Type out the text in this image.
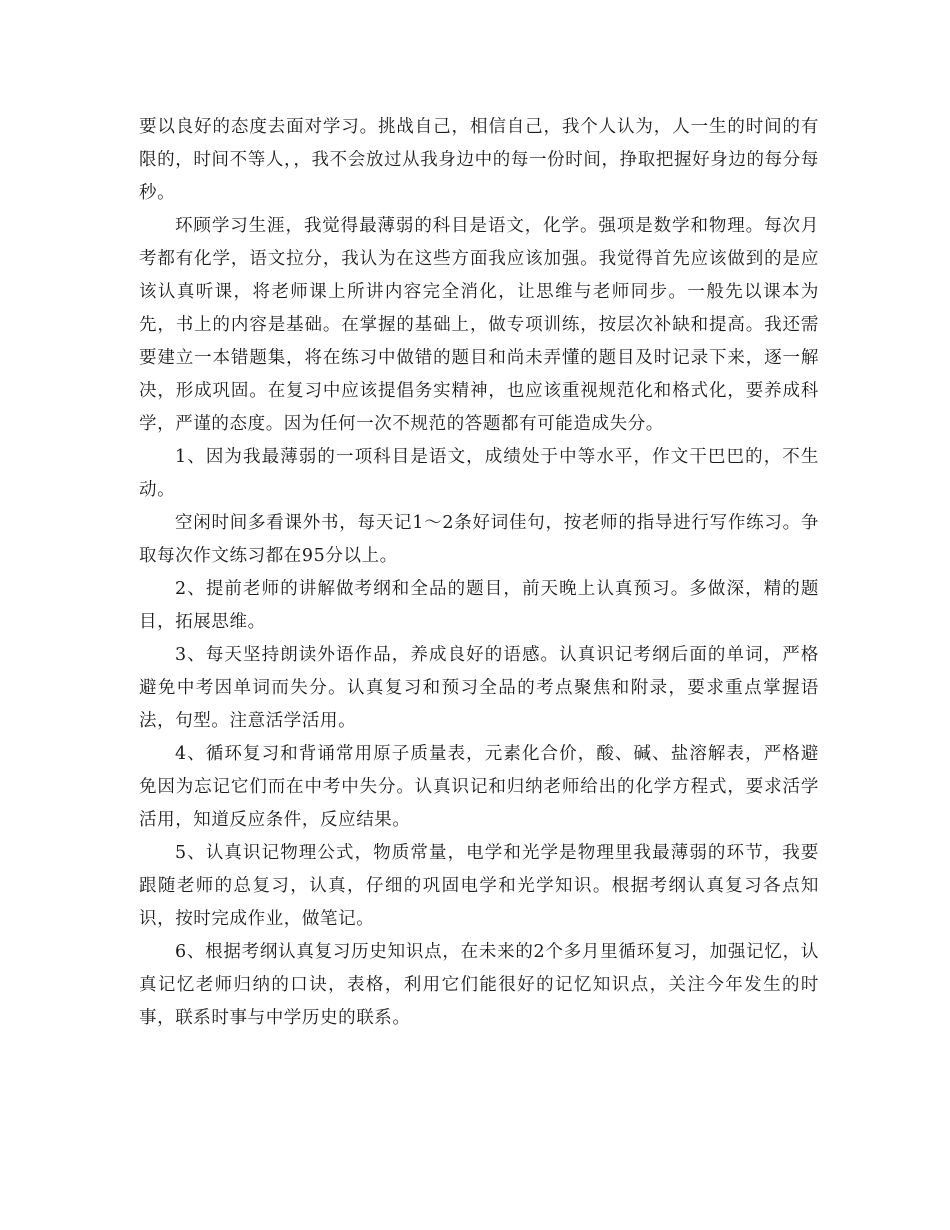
要以良好的态度去面对学习。挑战自己，相信自己，我个人认为，人一生的时间的有限的，时间不等人，，我不会放过从我身边中的每一份时间，挣取把握好身边的每分每秒。

环顾学习生涯，我觉得最薄弱的科目是语文，化学。强项是数学和物理。每次月考都有化学，语文拉分，我认为在这些方面我应该加强。我觉得首先应该做到的是应该认真听课，将老师课上所讲内容完全消化，让思维与老师同步。一般先以课本为先，书上的内容是基础。在掌握的基础上，做专项训练，按层次补缺和提高。我还需要建立一本错题集，将在练习中做错的题目和尚未弄懂的题目及时记录下来，逐一解决，形成巩固。在复习中应该提倡务实精神，也应该重视规范化和格式化，要养成科学，严谨的态度。因为任何一次不规范的答题都有可能造成失分。

1、因为我最薄弱的一项科目是语文，成绩处于中等水平，作文干巴巴的，不生动。

空闲时间多看课外书，每天记1～2条好词佳句，按老师的指导进行写作练习。争取每次作文练习都在95分以上。

2、提前老师的讲解做考纲和全品的题目，前天晚上认真预习。多做深，精的题目，拓展思维。

3、每天坚持朗读外语作品，养成良好的语感。认真识记考纲后面的单词，严格避免中考因单词而失分。认真复习和预习全品的考点聚焦和附录，要求重点掌握语法，句型。注意活学活用。

4、循环复习和背诵常用原子质量表，元素化合价，酸、碱、盐溶解表，严格避免因为忘记它们而在中考中失分。认真识记和归纳老师给出的化学方程式，要求活学活用，知道反应条件，反应结果。

5、认真识记物理公式，物质常量，电学和光学是物理里我最薄弱的环节，我要跟随老师的总复习，认真，仔细的巩固电学和光学知识。根据考纲认真复习各点知识，按时完成作业，做笔记。

6、根据考纲认真复习历史知识点，在未来的2个多月里循环复习，加强记忆，认真记忆老师归纳的口诀，表格，利用它们能很好的记忆知识点，关注今年发生的时事，联系时事与中学历史的联系。
